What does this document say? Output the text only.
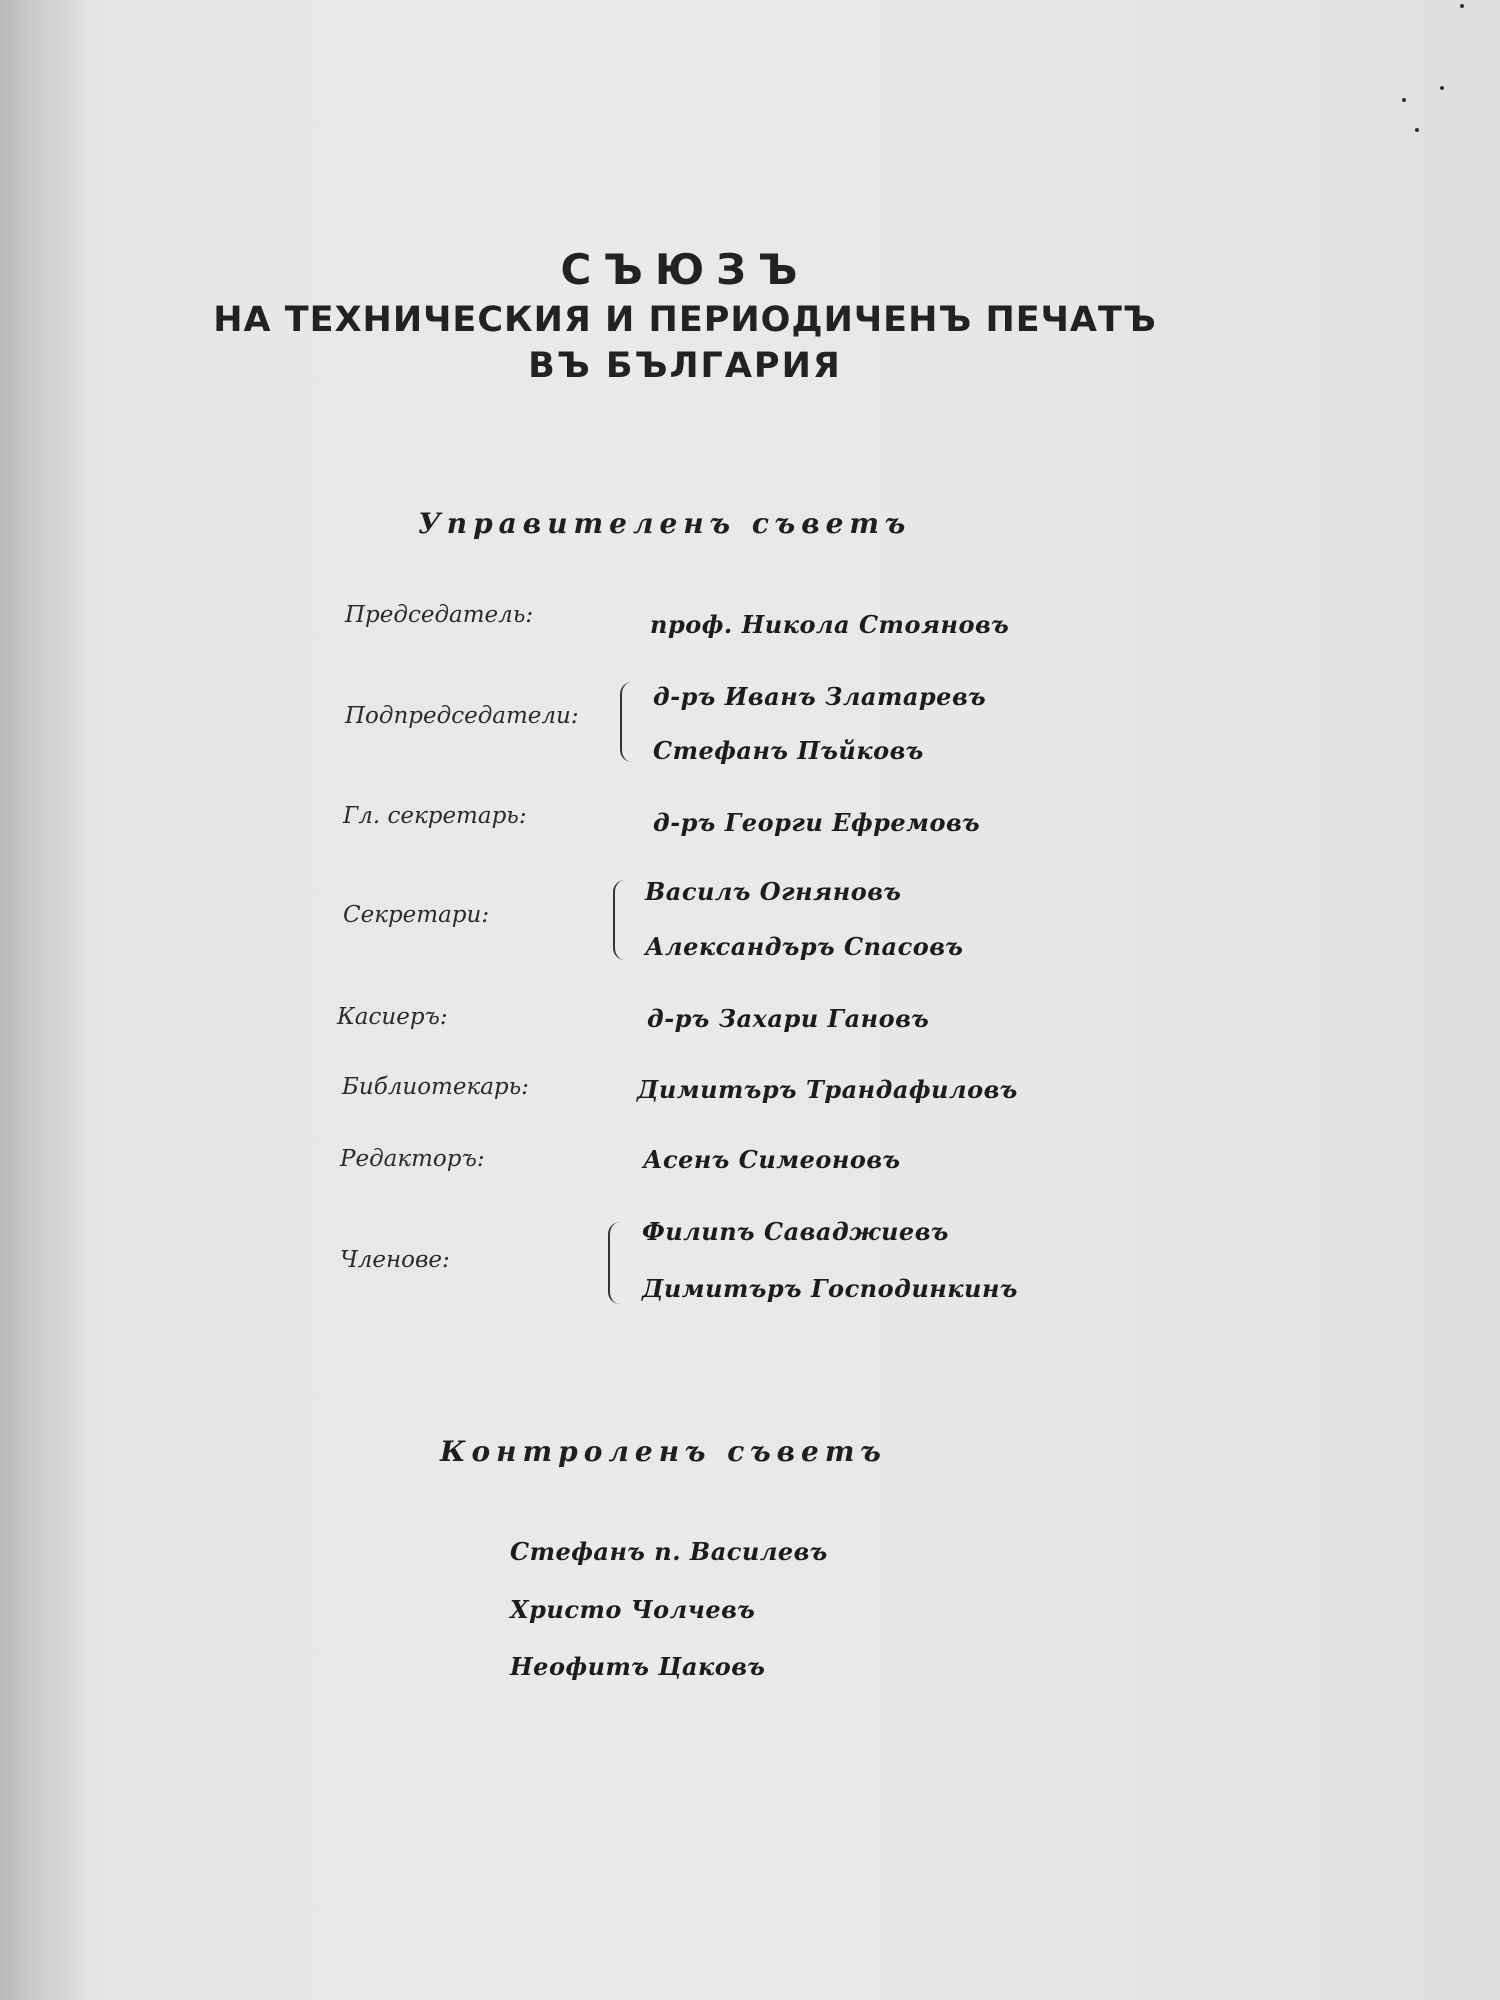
СЪЮЗЪ
НА ТЕХНИЧЕСКИЯ И ПЕРИОДИЧЕНЪ ПЕЧАТЪ
ВЪ БЪЛГАРИЯ
Управителенъ съветъ
Председатель:	проф. Никола Стояновъ
Подпредседатели:
д-ръ Иванъ Златаревъ
Стефанъ Пъйковъ
Гл. секретарь:	д-ръ Георги Ефремовъ
Секретари:
Василъ Огняновъ
Александъръ Спасовъ
Касиеръ:	д-ръ Захари Гановъ
Библиотекарь:	Димитъръ Трандафиловъ
Редакторъ:	Асенъ Симеоновъ
Членове:
Филипъ Саваджиевъ
Димитъръ Господинкинъ
Контроленъ съветъ
Стефанъ п. Василевъ
Христо Чолчевъ
Неофитъ Цаковъ
